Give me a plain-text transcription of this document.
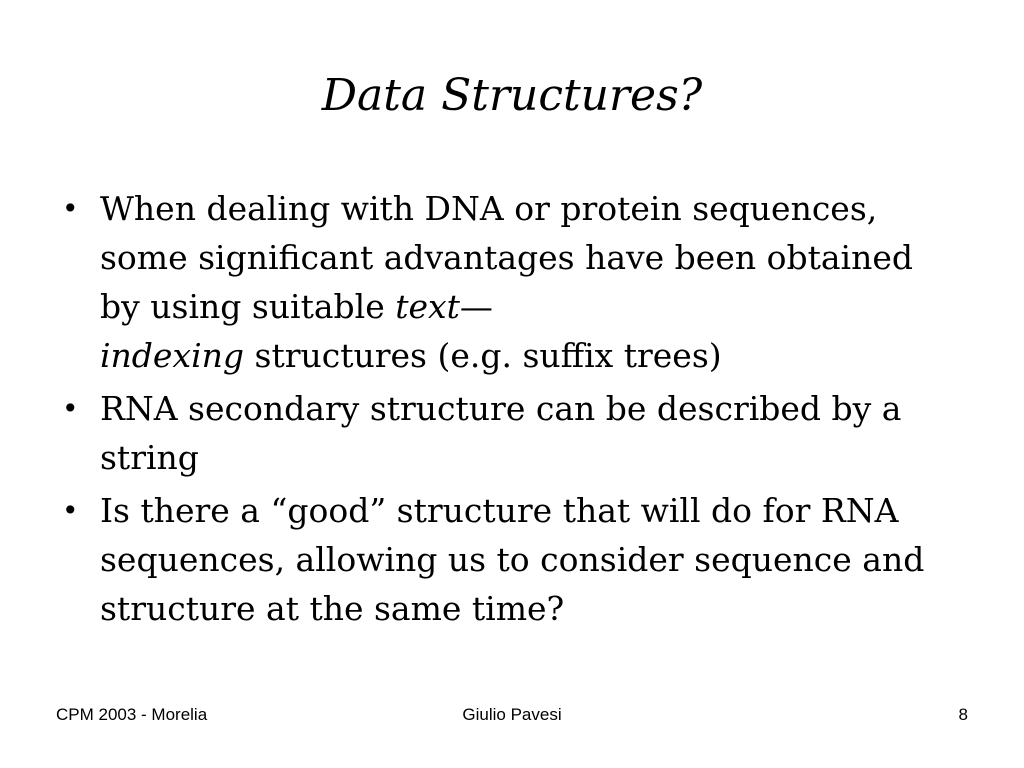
Data Structures?
• When dealing with DNA or protein sequences, some significant advantages have been obtained by using suitable text—
indexing structures (e.g. suffix trees)
• RNA secondary structure can be described by a string
• Is there a “good” structure that will do for RNA sequences, allowing us to consider sequence and structure at the same time?
CPM 2003 - Morelia	Giulio Pavesi	8
